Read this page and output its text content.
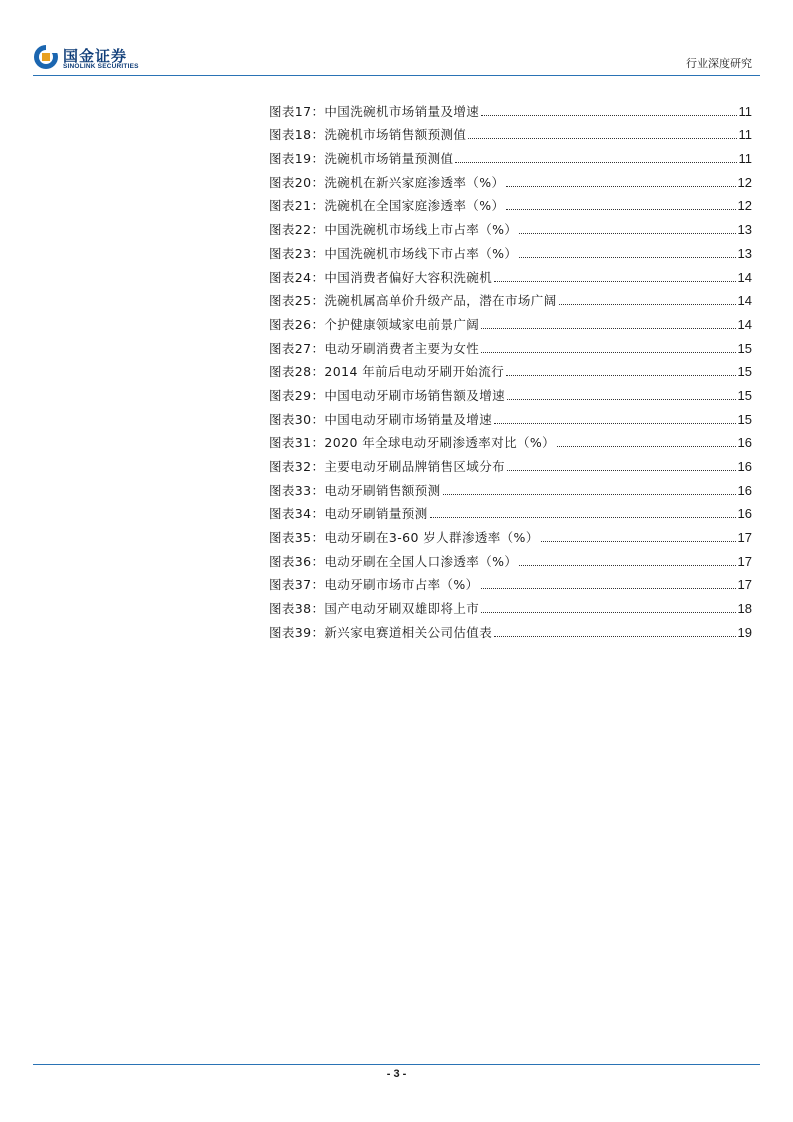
国金证券
SINOLINK SECURITIES	行业深度研究
图表17：中国洗碗机市场销量及增速	11
图表18：洗碗机市场销售额预测值	11
图表19：洗碗机市场销量预测值	11
图表20：洗碗机在新兴家庭渗透率（%）	12
图表21：洗碗机在全国家庭渗透率（%）	12
图表22：中国洗碗机市场线上市占率（%）	13
图表23：中国洗碗机市场线下市占率（%）	13
图表24：中国消费者偏好大容积洗碗机	14
图表25：洗碗机属高单价升级产品，潜在市场广阔	14
图表26：个护健康领域家电前景广阔	14
图表27：电动牙刷消费者主要为女性	15
图表28：2014 年前后电动牙刷开始流行	15
图表29：中国电动牙刷市场销售额及增速	15
图表30：中国电动牙刷市场销量及增速	15
图表31：2020 年全球电动牙刷渗透率对比（%）	16
图表32：主要电动牙刷品牌销售区域分布	16
图表33：电动牙刷销售额预测	16
图表34：电动牙刷销量预测	16
图表35：电动牙刷在3-60 岁人群渗透率（%）	17
图表36：电动牙刷在全国人口渗透率（%）	17
图表37：电动牙刷市场市占率（%）	17
图表38：国产电动牙刷双雄即将上市	18
图表39：新兴家电赛道相关公司估值表	19
- 3 -
